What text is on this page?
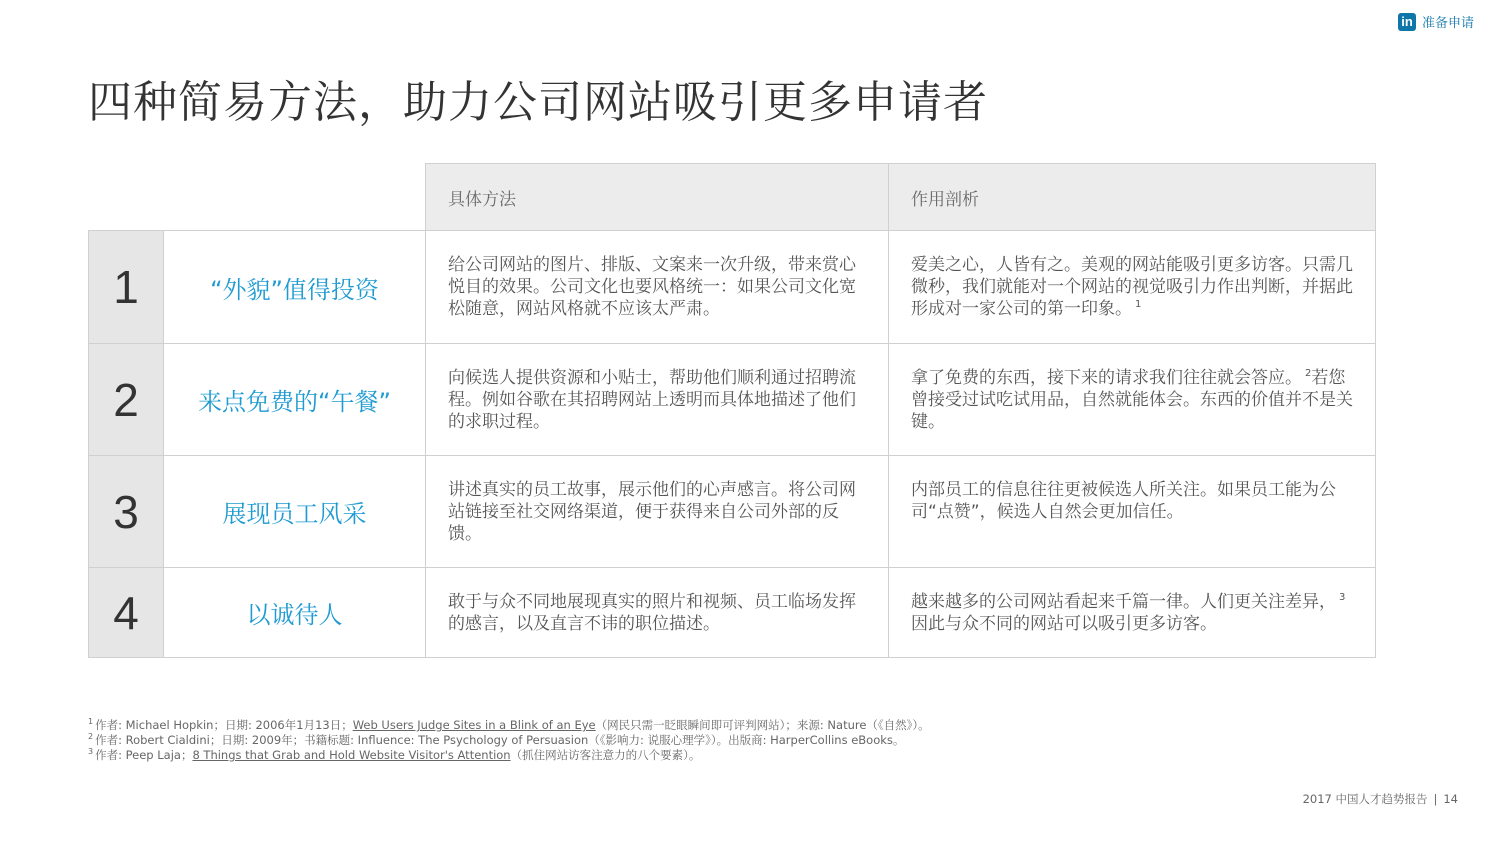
in 准备申请
四种简易方法，助力公司网站吸引更多申请者
		具体方法	作用剖析
1	“外貌”值得投资	给公司网站的图片、排版、文案来一次升级，带来赏心悦目的效果。公司文化也要风格统一：如果公司文化宽松随意，网站风格就不应该太严肃。	爱美之心，人皆有之。美观的网站能吸引更多访客。只需几微秒，我们就能对一个网站的视觉吸引力作出判断，并据此形成对一家公司的第一印象。 $^1$
2	来点免费的“午餐”	向候选人提供资源和小贴士，帮助他们顺利通过招聘流程。例如谷歌在其招聘网站上透明而具体地描述了他们的求职过程。	拿了免费的东西，接下来的请求我们往往就会答应。 $^2$若您曾接受过试吃试用品，自然就能体会。东西的价值并不是关键。
3	展现员工风采	讲述真实的员工故事，展示他们的心声感言。将公司网站链接至社交网络渠道，便于获得来自公司外部的反馈。	内部员工的信息往往更被候选人所关注。如果员工能为公司“点赞”，候选人自然会更加信任。
4	以诚待人	敢于与众不同地展现真实的照片和视频、员工临场发挥的感言，以及直言不讳的职位描述。	越来越多的公司网站看起来千篇一律。人们更关注差异， $^3$ 因此与众不同的网站可以吸引更多访客。
$^1$ 作者: Michael Hopkin；日期: 2006年1月13日；Web Users Judge Sites in a Blink of an Eye（网民只需一眨眼瞬间即可评判网站）；来源: Nature（《自然》）。
$^2$ 作者: Robert Cialdini；日期: 2009年；书籍标题: Influence: The Psychology of Persuasion（《影响力: 说服心理学》）。出版商: HarperCollins eBooks。
$^3$ 作者: Peep Laja；8 Things that Grab and Hold Website Visitor's Attention（抓住网站访客注意力的八个要素）。
2017 中国人才趋势报告 | 14
